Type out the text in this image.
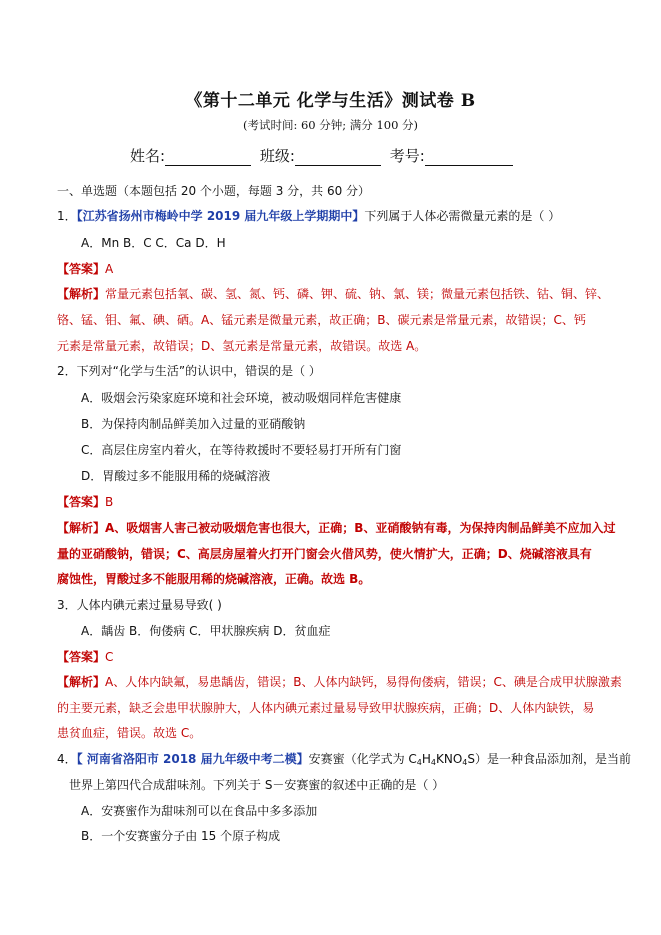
《第十二单元 化学与生活》测试卷 B
(考试时间: 60 分钟; 满分 100 分)
姓名:	班级:	考号:
一、单选题（本题包括 20 个小题，每题 3 分，共 60 分）
1．【江苏省扬州市梅岭中学 2019 届九年级上学期期中】下列属于人体必需微量元素的是（ ）
A．Mn B．C C．Ca D．H
【答案】A
【解析】常量元素包括氧、碳、氢、氮、钙、磷、钾、硫、钠、氯、镁；微量元素包括铁、钴、铜、锌、
铬、锰、钼、氟、碘、硒。A、锰元素是微量元素，故正确；B、碳元素是常量元素，故错误；C、钙
元素是常量元素，故错误；D、氢元素是常量元素，故错误。故选 A。
2．下列对“化学与生活”的认识中，错误的是（ ）
A．吸烟会污染家庭环境和社会环境，被动吸烟同样危害健康
B．为保持肉制品鲜美加入过量的亚硝酸钠
C．高层住房室内着火，在等待救援时不要轻易打开所有门窗
D．胃酸过多不能服用稀的烧碱溶液
【答案】B
【解析】A、吸烟害人害己被动吸烟危害也很大，正确；B、亚硝酸钠有毒，为保持肉制品鲜美不应加入过
量的亚硝酸钠，错误；C、高层房屋着火打开门窗会火借风势，使火情扩大，正确；D、烧碱溶液具有
腐蚀性，胃酸过多不能服用稀的烧碱溶液，正确。故选 B。
3．人体内碘元素过量易导致( )
A．龋齿 B．佝偻病 C．甲状腺疾病 D．贫血症
【答案】C
【解析】A、人体内缺氟，易患龋齿，错误；B、人体内缺钙，易得佝偻病，错误；C、碘是合成甲状腺激素
的主要元素，缺乏会患甲状腺肿大，人体内碘元素过量易导致甲状腺疾病，正确；D、人体内缺铁，易
患贫血症，错误。故选 C。
4．【 河南省洛阳市 2018 届九年级中考二模】安赛蜜（化学式为 $C_4H_4KNO_4S$）是一种食品添加剂，是当前
世界上第四代合成甜味剂。下列关于 S－安赛蜜的叙述中正确的是（ ）
A．安赛蜜作为甜味剂可以在食品中多多添加
B．一个安赛蜜分子由 15 个原子构成
